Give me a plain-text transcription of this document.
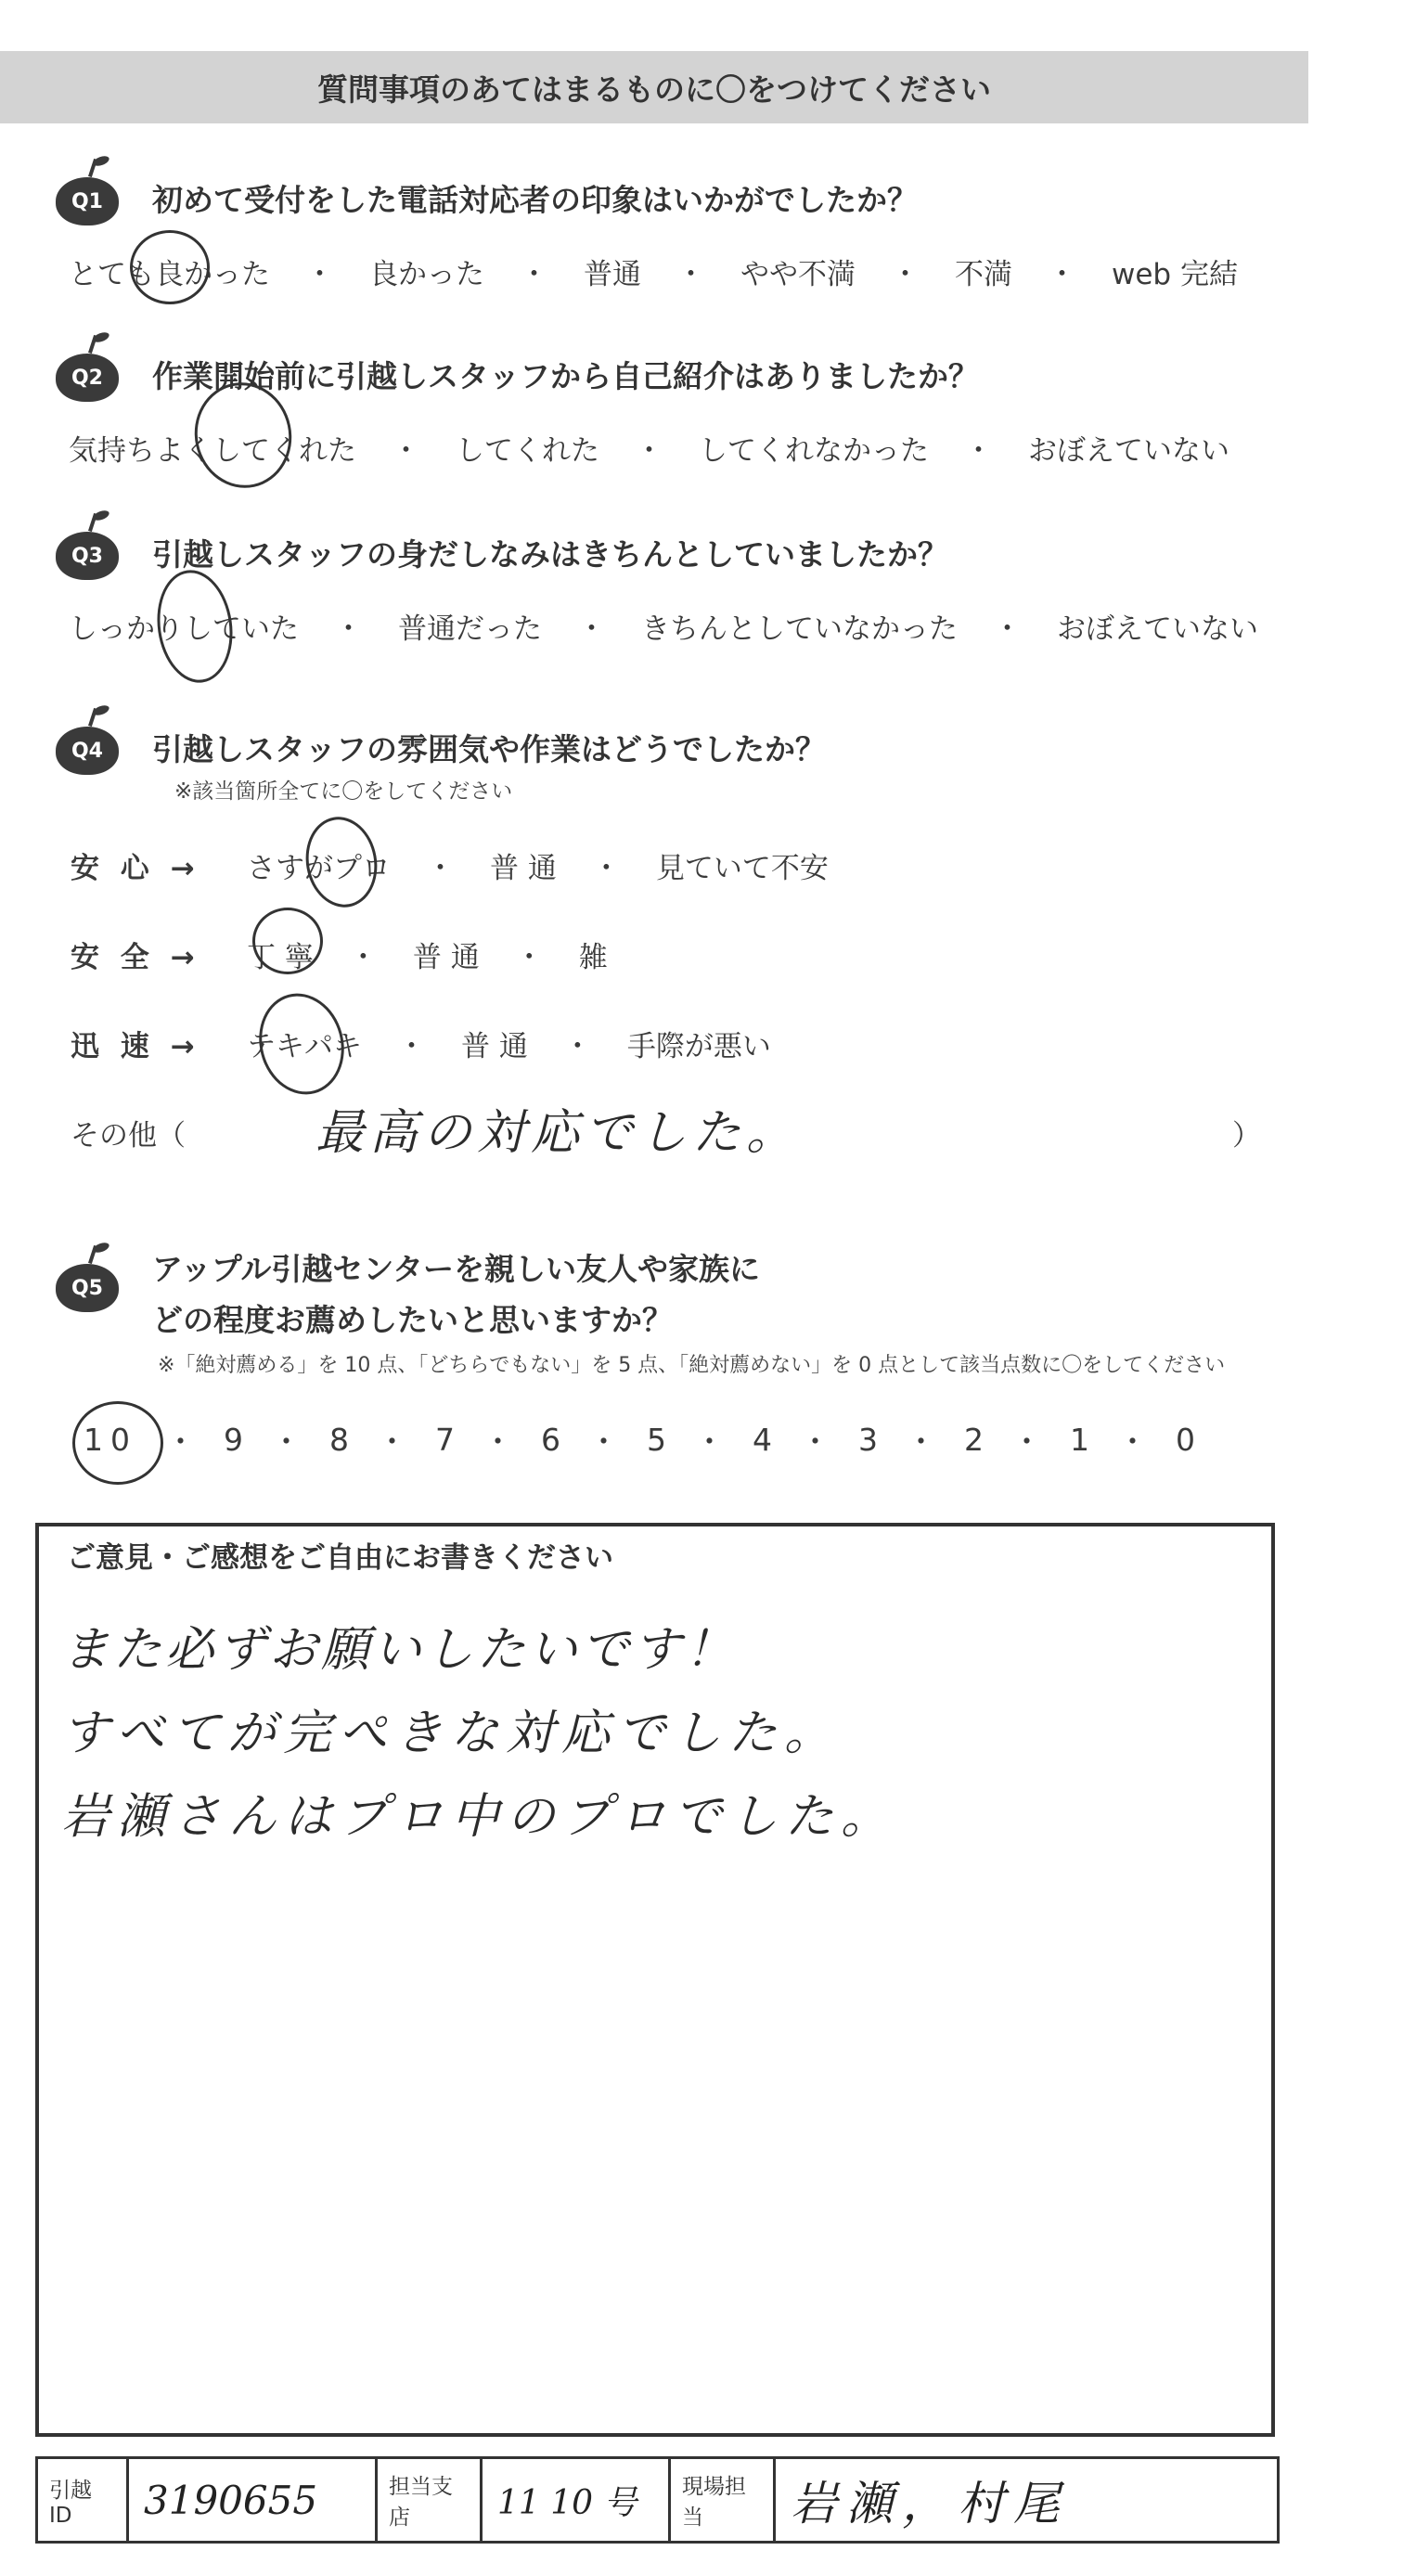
質問事項のあてはまるものに〇をつけてください
Q1	初めて受付をした電話対応者の印象はいかがでしたか？
とても良かった ・ 良かった ・ 普通 ・ やや不満 ・ 不満 ・ web 完結
Q2	作業開始前に引越しスタッフから自己紹介はありましたか？
気持ちよくしてくれた ・ してくれた ・ してくれなかった ・ おぼえていない
Q3	引越しスタッフの身だしなみはきちんとしていましたか？
しっかりしていた ・ 普通だった ・ きちんとしていなかった ・ おぼえていない
Q4	引越しスタッフの雰囲気や作業はどうでしたか？
※該当箇所全てに〇をしてください
安 心 →	さすがプロ ・ 普 通 ・ 見ていて不安
安 全 →	丁 寧 ・ 普 通 ・ 雑
迅 速 →	テキパキ ・ 普 通 ・ 手際が悪い
その他（	）
最高の対応でした。
Q5
アップル引越センターを親しい友人や家族に
どの程度お薦めしたいと思いますか？
※「絶対薦める」を 10 点、「どちらでもない」を 5 点、「絶対薦めない」を 0 点として該当点数に〇をしてください
10 ・ 9 ・ 8 ・ 7 ・ 6 ・ 5 ・ 4 ・ 3 ・ 2 ・ 1 ・ 0
ご意見・ご感想をご自由にお書きください
また必ずお願いしたいです！
すべてが完ぺきな対応でした。
岩瀬さんはプロ中のプロでした。
引越 ID	3190655	担当支店	11 10 号	現場担当	岩瀬，村尾
